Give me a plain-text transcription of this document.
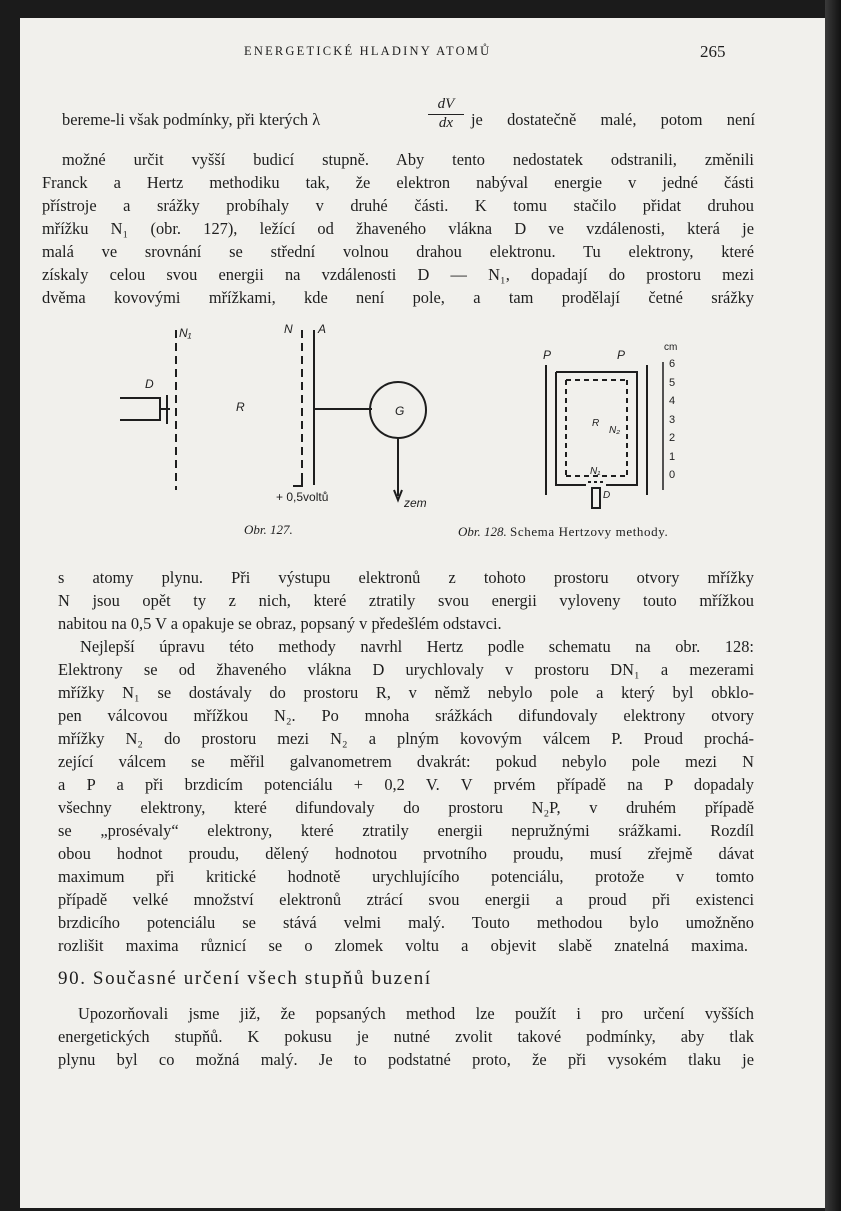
ENERGETICKÉ HLADINY ATOMŮ	265
bereme-li však podmínky, při kterých λ
dV
dx	je dostatečně malé, potom není
možné určit vyšší budicí stupně. Aby tento nedostatek odstranili, změnili
Franck a Hertz methodiku tak, že elektron nabýval energie v jedné části
přístroje a srážky probíhaly v druhé části. K tomu stačilo přidat druhou
mřížku N₁ (obr. 127), ležící od žhaveného vlákna D ve vzdálenosti, která je
malá ve srovnání se střední volnou drahou elektronu. Tu elektrony, které
získaly celou svou energii na vzdálenosti D — N₁, dopadají do prostoru mezi
dvěma kovovými mřížkami, kde není pole, a tam prodělají četné srážky
N₁	N A
D
R	G
+ 0,5voltů	zem
Obr. 127.
P	P
R
N₂
N₁
D
cm
6
5
4
3
2
1
0
Obr. 128. Schema Hertzovy methody.
s atomy plynu. Při výstupu elektronů z tohoto prostoru otvory mřížky
N jsou opět ty z nich, které ztratily svou energii vyloveny touto mřížkou
nabitou na 0,5 V a opakuje se obraz, popsaný v předešlém odstavci.
Nejlepší úpravu této methody navrhl Hertz podle schematu na obr. 128:
Elektrony se od žhaveného vlákna D urychlovaly v prostoru DN₁ a mezerami
mřížky N₁ se dostávaly do prostoru R, v němž nebylo pole a který byl obklo-
pen válcovou mřížkou N₂. Po mnoha srážkách difundovaly elektrony otvory
mřížky N₂ do prostoru mezi N₂ a plným kovovým válcem P. Proud prochá-
zející válcem se měřil galvanometrem dvakrát: pokud nebylo pole mezi N
a P a při brzdicím potenciálu + 0,2 V. V prvém případě na P dopadaly
všechny elektrony, které difundovaly do prostoru N₂P, v druhém případě
se „prosévaly“ elektrony, které ztratily energii nepružnými srážkami. Rozdíl
obou hodnot proudu, dělený hodnotou prvotního proudu, musí zřejmě dávat
maximum při kritické hodnotě urychlujícího potenciálu, protože v tomto
případě velké množství elektronů ztrácí svou energii a proud při existenci
brzdicího potenciálu se stává velmi malý. Touto methodou bylo umožněno
rozlišit maxima různicí se o zlomek voltu a objevit slabě znatelná maxima.
90. Současné určení všech stupňů buzení
Upozorňovali jsme již, že popsaných method lze použít i pro určení vyšších
energetických stupňů. K pokusu je nutné zvolit takové podmínky, aby tlak
plynu byl co možná malý. Je to podstatné proto, že při vysokém tlaku je
